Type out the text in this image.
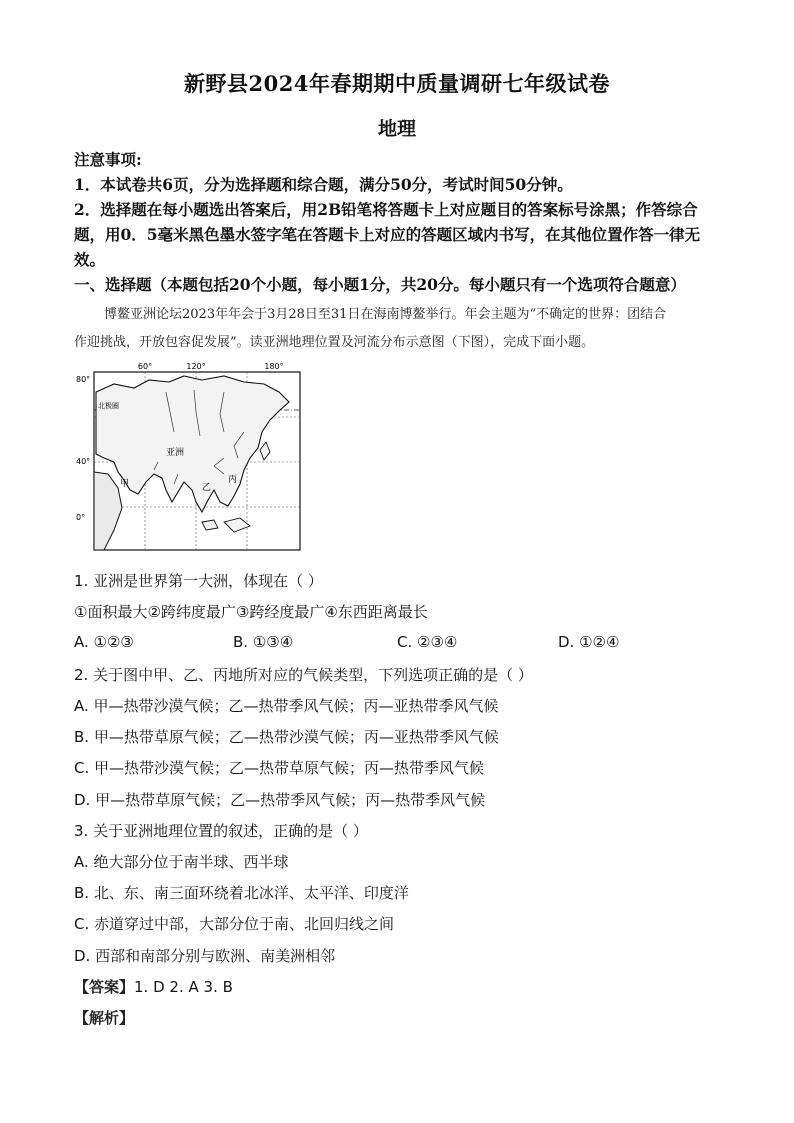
新野县2024年春期期中质量调研七年级试卷
地理
注意事项:
1．本试卷共6页，分为选择题和综合题，满分50分，考试时间50分钟。
2．选择题在每小题选出答案后，用2B铅笔将答题卡上对应题目的答案标号涂黑；作答综合
题，用0．5毫米黑色墨水签字笔在答题卡上对应的答题区域内书写，在其他位置作答一律无
效。
一、选择题（本题包括20个小题，每小题1分，共20分。每小题只有一个选项符合题意）
博鳌亚洲论坛2023年年会于3月28日至31日在海南博鳌举行。年会主题为“不确定的世界：团结合
作迎挑战，开放包容促发展”。读亚洲地理位置及河流分布示意图（下图），完成下面小题。
60°	120°	180°
80°
40°
0°
亚洲
甲	乙
丙
北极圈
1. 亚洲是世界第一大洲，体现在（ ）
①面积最大②跨纬度最广③跨经度最广④东西距离最长
A. ①②③	B. ①③④	C. ②③④	D. ①②④
2. 关于图中甲、乙、丙地所对应的气候类型，下列选项正确的是（ ）
A. 甲—热带沙漠气候；乙—热带季风气候；丙—亚热带季风气候
B. 甲—热带草原气候；乙—热带沙漠气候；丙—亚热带季风气候
C. 甲—热带沙漠气候；乙—热带草原气候；丙—热带季风气候
D. 甲—热带草原气候；乙—热带季风气候；丙—热带季风气候
3. 关于亚洲地理位置的叙述，正确的是（ ）
A. 绝大部分位于南半球、西半球
B. 北、东、南三面环绕着北冰洋、太平洋、印度洋
C. 赤道穿过中部，大部分位于南、北回归线之间
D. 西部和南部分别与欧洲、南美洲相邻
【答案】1. D 2. A 3. B
【解析】
